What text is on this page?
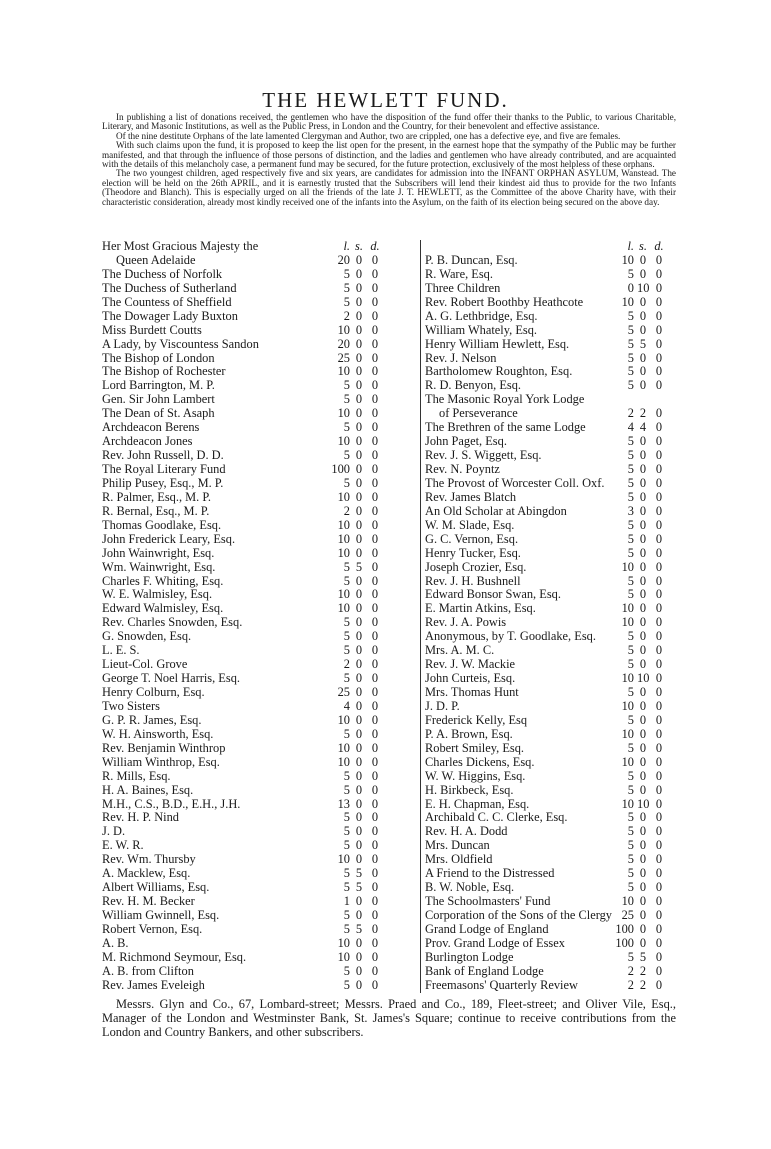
THE HEWLETT FUND.

In publishing a list of donations received, the gentlemen who have the disposition of the fund offer their thanks to the Public, to various Charitable, Literary, and Masonic Institutions, as well as the Public Press, in London and the Country, for their benevolent and effective assistance.

Of the nine destitute Orphans of the late lamented Clergyman and Author, two are crippled, one has a defective eye, and five are females.

With such claims upon the fund, it is proposed to keep the list open for the present, in the earnest hope that the sympathy of the Public may be further manifested, and that through the influence of those persons of distinction, and the ladies and gentlemen who have already contributed, and are acquainted with the details of this melancholy case, a permanent fund may be secured, for the future protection, exclusively of the most helpless of these orphans.

The two youngest children, aged respectively five and six years, are candidates for admission into the INFANT ORPHAN ASYLUM, Wanstead. The election will be held on the 26th APRIL, and it is earnestly trusted that the Subscribers will lend their kindest aid thus to provide for the two Infants (Theodore and Blanch). This is especially urged on all the friends of the late J. T. HEWLETT, as the Committee of the above Charity have, with their characteristic consideration, already most kindly received one of the infants into the Asylum, on the faith of its election being secured on the above day.

Her Most Gracious Majesty the	l. s. d.
Queen Adelaide	20 0 0
The Duchess of Norfolk	5 0 0
The Duchess of Sutherland	5 0 0
The Countess of Sheffield	5 0 0
The Dowager Lady Buxton	2 0 0
Miss Burdett Coutts	10 0 0
A Lady, by Viscountess Sandon	20 0 0
The Bishop of London	25 0 0
The Bishop of Rochester	10 0 0
Lord Barrington, M. P.	5 0 0
Gen. Sir John Lambert	5 0 0
The Dean of St. Asaph	10 0 0
Archdeacon Berens	5 0 0
Archdeacon Jones	10 0 0
Rev. John Russell, D. D.	5 0 0
The Royal Literary Fund	100 0 0
Philip Pusey, Esq., M. P.	5 0 0
R. Palmer, Esq., M. P.	10 0 0
R. Bernal, Esq., M. P.	2 0 0
Thomas Goodlake, Esq.	10 0 0
John Frederick Leary, Esq.	10 0 0
John Wainwright, Esq.	10 0 0
Wm. Wainwright, Esq.	5 5 0
Charles F. Whiting, Esq.	5 0 0
W. E. Walmisley, Esq.	10 0 0
Edward Walmisley, Esq.	10 0 0
Rev. Charles Snowden, Esq.	5 0 0
G. Snowden, Esq.	5 0 0
L. E. S.	5 0 0
Lieut-Col. Grove	2 0 0
George T. Noel Harris, Esq.	5 0 0
Henry Colburn, Esq.	25 0 0
Two Sisters	4 0 0
G. P. R. James, Esq.	10 0 0
W. H. Ainsworth, Esq.	5 0 0
Rev. Benjamin Winthrop	10 0 0
William Winthrop, Esq.	10 0 0
R. Mills, Esq.	5 0 0
H. A. Baines, Esq.	5 0 0
M.H., C.S., B.D., E.H., J.H.	13 0 0
Rev. H. P. Nind	5 0 0
J. D.	5 0 0
E. W. R.	5 0 0
Rev. Wm. Thursby	10 0 0
A. Macklew, Esq.	5 5 0
Albert Williams, Esq.	5 5 0
Rev. H. M. Becker	1 0 0
William Gwinnell, Esq.	5 0 0
Robert Vernon, Esq.	5 5 0
A. B.	10 0 0
M. Richmond Seymour, Esq.	10 0 0
A. B. from Clifton	5 0 0
Rev. James Eveleigh	5 0 0
l. s. d.
P. B. Duncan, Esq.	10 0 0
R. Ware, Esq.	5 0 0
Three Children	0 10 0
Rev. Robert Boothby Heathcote	10 0 0
A. G. Lethbridge, Esq.	5 0 0
William Whately, Esq.	5 0 0
Henry William Hewlett, Esq.	5 5 0
Rev. J. Nelson	5 0 0
Bartholomew Roughton, Esq.	5 0 0
R. D. Benyon, Esq.	5 0 0
The Masonic Royal York Lodge
of Perseverance	2 2 0
The Brethren of the same Lodge	4 4 0
John Paget, Esq.	5 0 0
Rev. J. S. Wiggett, Esq.	5 0 0
Rev. N. Poyntz	5 0 0
The Provost of Worcester Coll. Oxf.	5 0 0
Rev. James Blatch	5 0 0
An Old Scholar at Abingdon	3 0 0
W. M. Slade, Esq.	5 0 0
G. C. Vernon, Esq.	5 0 0
Henry Tucker, Esq.	5 0 0
Joseph Crozier, Esq.	10 0 0
Rev. J. H. Bushnell	5 0 0
Edward Bonsor Swan, Esq.	5 0 0
E. Martin Atkins, Esq.	10 0 0
Rev. J. A. Powis	10 0 0
Anonymous, by T. Goodlake, Esq.	5 0 0
Mrs. A. M. C.	5 0 0
Rev. J. W. Mackie	5 0 0
John Curteis, Esq.	10 10 0
Mrs. Thomas Hunt	5 0 0
J. D. P.	10 0 0
Frederick Kelly, Esq	5 0 0
P. A. Brown, Esq.	10 0 0
Robert Smiley, Esq.	5 0 0
Charles Dickens, Esq.	10 0 0
W. W. Higgins, Esq.	5 0 0
H. Birkbeck, Esq.	5 0 0
E. H. Chapman, Esq.	10 10 0
Archibald C. C. Clerke, Esq.	5 0 0
Rev. H. A. Dodd	5 0 0
Mrs. Duncan	5 0 0
Mrs. Oldfield	5 0 0
A Friend to the Distressed	5 0 0
B. W. Noble, Esq.	5 0 0
The Schoolmasters' Fund	10 0 0
Corporation of the Sons of the Clergy 25 0 0
Grand Lodge of England	100 0 0
Prov. Grand Lodge of Essex	100 0 0
Burlington Lodge	5 5 0
Bank of England Lodge	2 2 0
Freemasons' Quarterly Review	2 2 0

Messrs. Glyn and Co., 67, Lombard-street; Messrs. Praed and Co., 189, Fleet-street; and Oliver Vile, Esq., Manager of the London and Westminster Bank, St. James's Square; continue to receive contributions from the London and Country Bankers, and other subscribers.
